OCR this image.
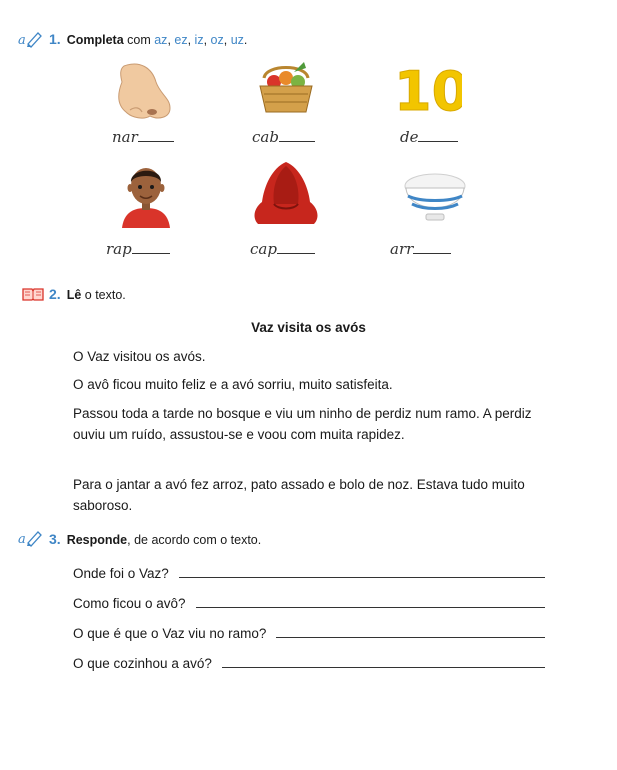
a 1. Completa com az, ez, iz, oz, uz.
10
nar	cab	de
rap	cap	arr
2. Lê o texto.
Vaz visita os avós
O Vaz visitou os avós.
O avô ficou muito feliz e a avó sorriu, muito satisfeita.
Passou toda a tarde no bosque e viu um ninho de perdiz num ramo. A perdiz ouviu um ruído, assustou-se e voou com muita rapidez.
Para o jantar a avó fez arroz, pato assado e bolo de noz. Estava tudo muito saboroso.
a 3. Responde, de acordo com o texto.
Onde foi o Vaz?
Como ficou o avô?
O que é que o Vaz viu no ramo?
O que cozinhou a avó?
